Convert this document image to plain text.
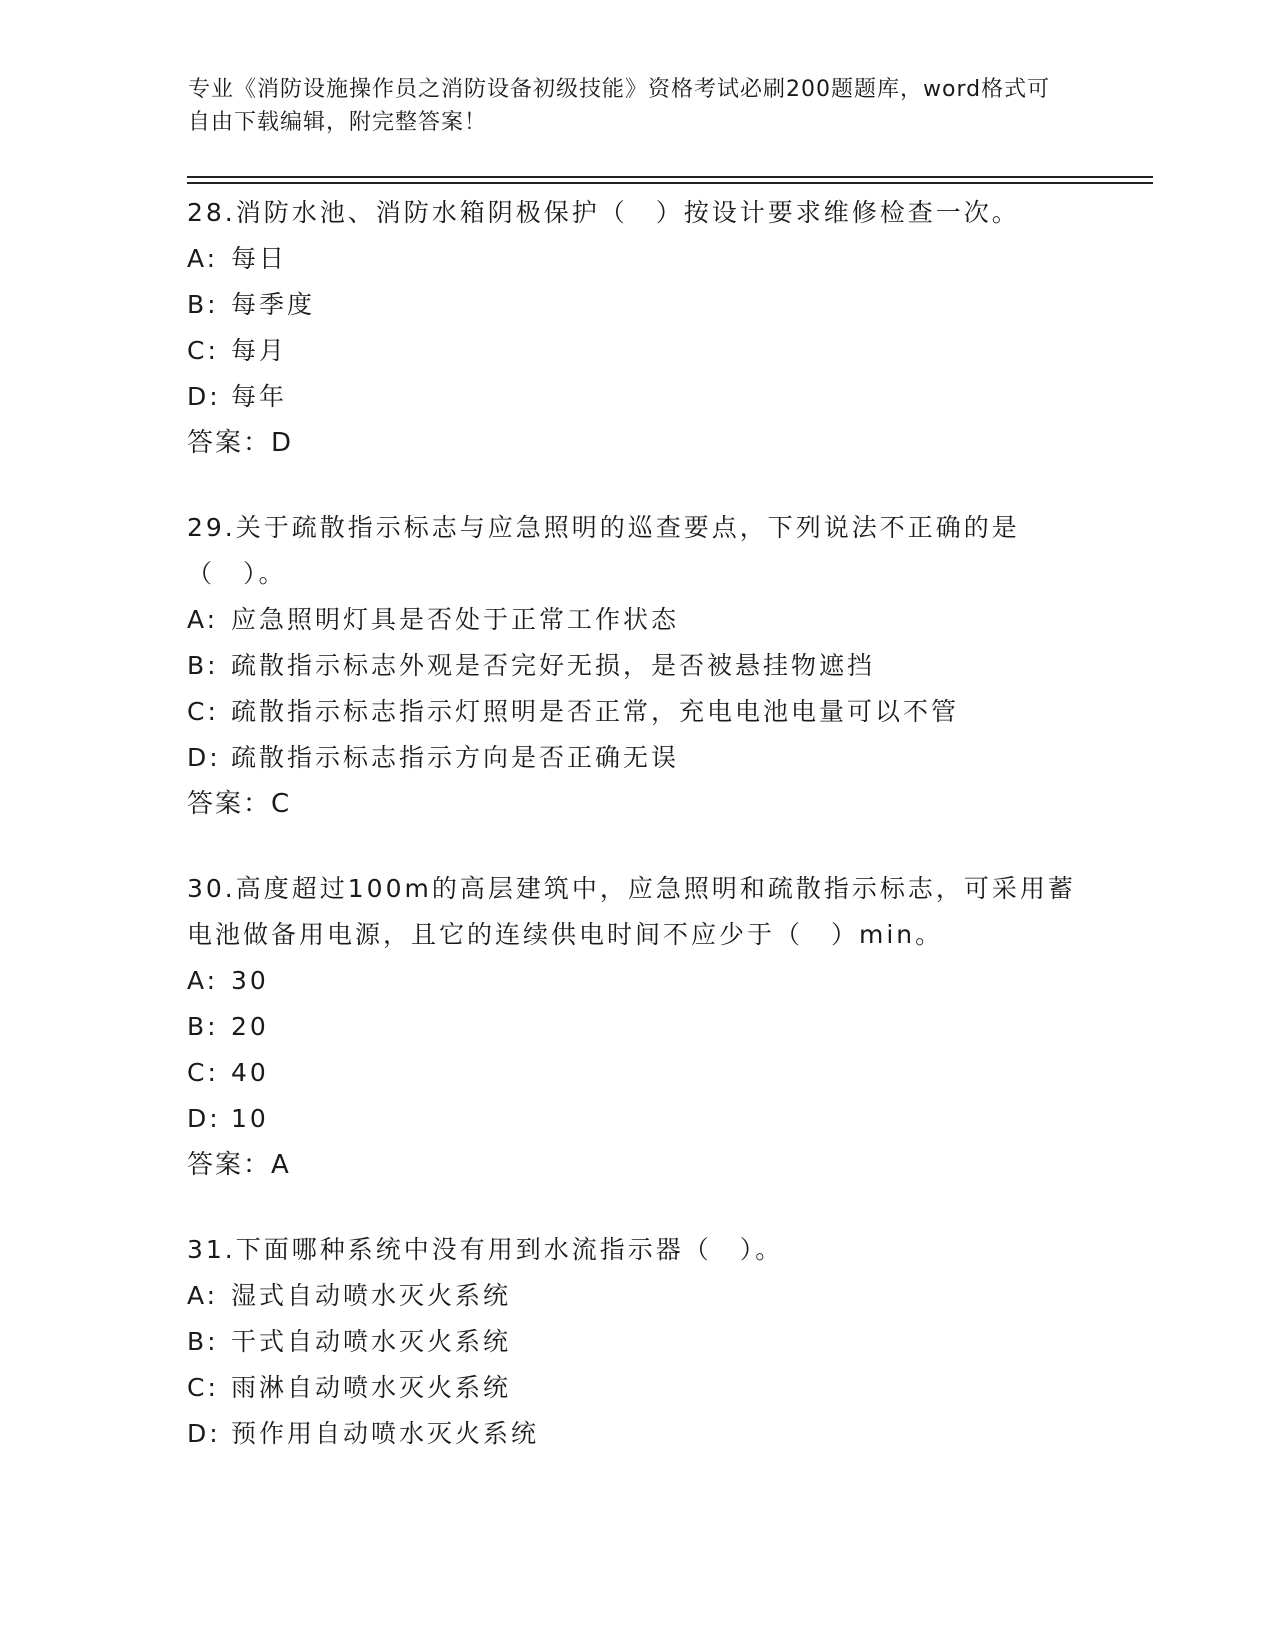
专业《消防设施操作员之消防设备初级技能》资格考试必刷200题题库，word格式可自由下载编辑，附完整答案！

28.消防水池、消防水箱阴极保护（　）按设计要求维修检查一次。

A: 每日

B: 每季度

C: 每月

D: 每年

答案：D

29.关于疏散指示标志与应急照明的巡查要点，下列说法不正确的是（　）。

A: 应急照明灯具是否处于正常工作状态

B: 疏散指示标志外观是否完好无损，是否被悬挂物遮挡

C: 疏散指示标志指示灯照明是否正常，充电电池电量可以不管

D: 疏散指示标志指示方向是否正确无误

答案：C

30.高度超过100m的高层建筑中，应急照明和疏散指示标志，可采用蓄电池做备用电源，且它的连续供电时间不应少于（　）min。

A: 30

B: 20

C: 40

D: 10

答案：A

31.下面哪种系统中没有用到水流指示器（　）。

A: 湿式自动喷水灭火系统

B: 干式自动喷水灭火系统

C: 雨淋自动喷水灭火系统

D: 预作用自动喷水灭火系统
